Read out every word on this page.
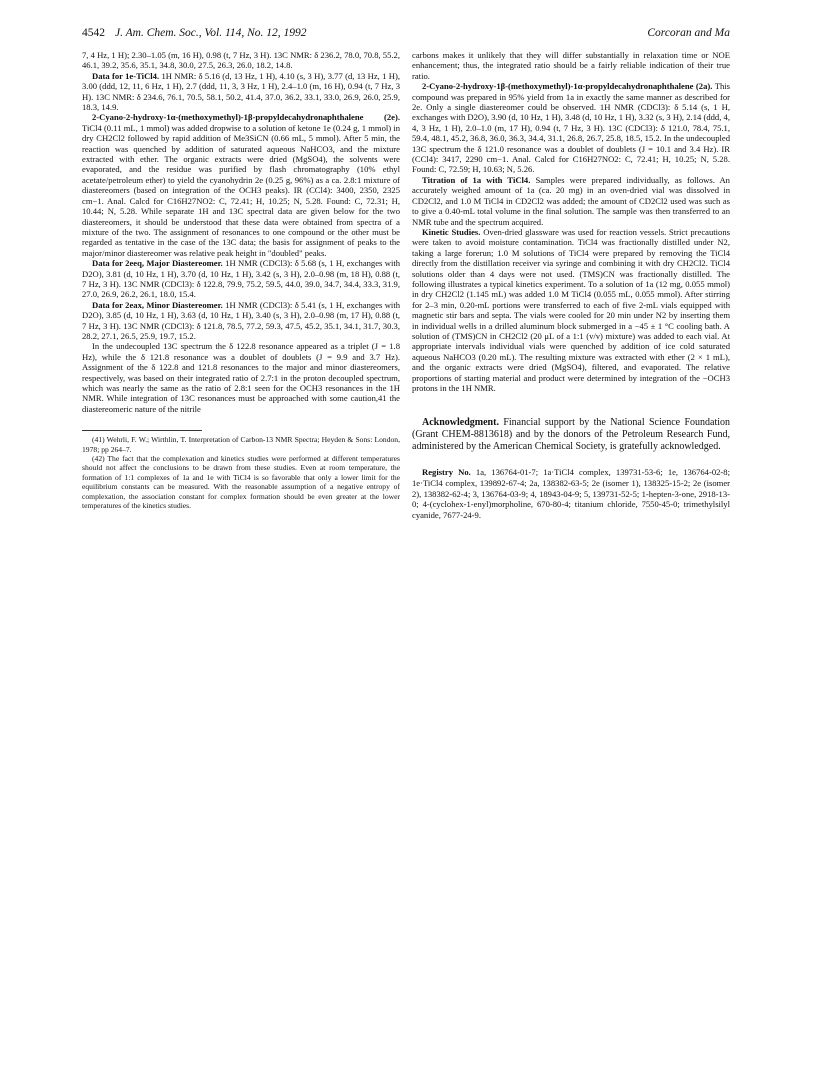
4542 J. Am. Chem. Soc., Vol. 114, No. 12, 1992	Corcoran and Ma

7, 4 Hz, 1 H); 2.30–1.05 (m, 16 H), 0.98 (t, 7 Hz, 3 H). 13C NMR: δ 236.2, 78.0, 70.8, 55.2, 46.1, 39.2, 35.6, 35.1, 34.8, 30.0, 27.5, 26.3, 26.0, 18.2, 14.8.

Data for 1e-TiCl4. 1H NMR: δ 5.16 (d, 13 Hz, 1 H), 4.10 (s, 3 H), 3.77 (d, 13 Hz, 1 H), 3.00 (ddd, 12, 11, 6 Hz, 1 H), 2.7 (ddd, 11, 3, 3 Hz, 1 H), 2.4–1.0 (m, 16 H), 0.94 (t, 7 Hz, 3 H). 13C NMR: δ 234.6, 76.1, 70.5, 58.1, 50.2, 41.4, 37.0, 36.2, 33.1, 33.0, 26.9, 26.0, 25.9, 18.3, 14.9.

2-Cyano-2-hydroxy-1α-(methoxymethyl)-1β-propyldecahydronaphthalene (2e). TiCl4 (0.11 mL, 1 mmol) was added dropwise to a solution of ketone 1e (0.24 g, 1 mmol) in dry CH2Cl2 followed by rapid addition of Me3SiCN (0.66 mL, 5 mmol). After 5 min, the reaction was quenched by addition of saturated aqueous NaHCO3, and the mixture extracted with ether. The organic extracts were dried (MgSO4), the solvents were evaporated, and the residue was purified by flash chromatography (10% ethyl acetate/petroleum ether) to yield the cyanohydrin 2e (0.25 g, 96%) as a ca. 2.8:1 mixture of diastereomers (based on integration of the OCH3 peaks). IR (CCl4): 3400, 2350, 2325 cm−1. Anal. Calcd for C16H27NO2: C, 72.41; H, 10.25; N, 5.28. Found: C, 72.31; H, 10.44; N, 5.28. While separate 1H and 13C spectral data are given below for the two diastereomers, it should be understood that these data were obtained from spectra of a mixture of the two. The assignment of resonances to one compound or the other must be regarded as tentative in the case of the 13C data; the basis for assignment of peaks to the major/minor diastereomer was relative peak height in "doubled" peaks.

Data for 2eeq, Major Diastereomer. 1H NMR (CDCl3): δ 5.68 (s, 1 H, exchanges with D2O), 3.81 (d, 10 Hz, 1 H), 3.70 (d, 10 Hz, 1 H), 3.42 (s, 3 H), 2.0–0.98 (m, 18 H), 0.88 (t, 7 Hz, 3 H). 13C NMR (CDCl3): δ 122.8, 79.9, 75.2, 59.5, 44.0, 39.0, 34.7, 34.4, 33.3, 31.9, 27.0, 26.9, 26.2, 26.1, 18.0, 15.4.

Data for 2eax, Minor Diastereomer. 1H NMR (CDCl3): δ 5.41 (s, 1 H, exchanges with D2O), 3.85 (d, 10 Hz, 1 H), 3.63 (d, 10 Hz, 1 H), 3.40 (s, 3 H), 2.0–0.98 (m, 17 H), 0.88 (t, 7 Hz, 3 H). 13C NMR (CDCl3): δ 121.8, 78.5, 77.2, 59.3, 47.5, 45.2, 35.1, 34.1, 31.7, 30.3, 28.2, 27.1, 26.5, 25.9, 19.7, 15.2.

In the undecoupled 13C spectrum the δ 122.8 resonance appeared as a triplet (J = 1.8 Hz), while the δ 121.8 resonance was a doublet of doublets (J = 9.9 and 3.7 Hz). Assignment of the δ 122.8 and 121.8 resonances to the major and minor diastereomers, respectively, was based on their integrated ratio of 2.7:1 in the proton decoupled spectrum, which was nearly the same as the ratio of 2.8:1 seen for the OCH3 resonances in the 1H NMR. While integration of 13C resonances must be approached with some caution,41 the diastereomeric nature of the nitrile

(41) Wehrli, F. W.; Wirthlin, T. Interpretation of Carbon-13 NMR Spectra; Heyden & Sons: London, 1978; pp 264–7.

(42) The fact that the complexation and kinetics studies were performed at different temperatures should not affect the conclusions to be drawn from these studies. Even at room temperature, the formation of 1:1 complexes of 1a and 1e with TiCl4 is so favorable that only a lower limit for the equilibrium constants can be measured. With the reasonable assumption of a negative entropy of complexation, the association constant for complex formation should be even greater at the lower temperatures of the kinetics studies.

carbons makes it unlikely that they will differ substantially in relaxation time or NOE enhancement; thus, the integrated ratio should be a fairly reliable indication of their true ratio.

2-Cyano-2-hydroxy-1β-(methoxymethyl)-1α-propyldecahydronaphthalene (2a). This compound was prepared in 95% yield from 1a in exactly the same manner as described for 2e. Only a single diastereomer could be observed. 1H NMR (CDCl3): δ 5.14 (s, 1 H, exchanges with D2O), 3.90 (d, 10 Hz, 1 H), 3.48 (d, 10 Hz, 1 H), 3.32 (s, 3 H), 2.14 (ddd, 4, 4, 3 Hz, 1 H), 2.0–1.0 (m, 17 H), 0.94 (t, 7 Hz, 3 H). 13C (CDCl3): δ 121.0, 78.4, 75.1, 59.4, 48.1, 45.2, 36.8, 36.0, 36.3, 34.4, 31.1, 26.8, 26.7, 25.8, 18.5, 15.2. In the undecoupled 13C spectrum the δ 121.0 resonance was a doublet of doublets (J = 10.1 and 3.4 Hz). IR (CCl4): 3417, 2290 cm−1. Anal. Calcd for C16H27NO2: C, 72.41; H, 10.25; N, 5.28. Found: C, 72.59; H, 10.63; N, 5.26.

Titration of 1a with TiCl4. Samples were prepared individually, as follows. An accurately weighed amount of 1a (ca. 20 mg) in an oven-dried vial was dissolved in CD2Cl2, and 1.0 M TiCl4 in CD2Cl2 was added; the amount of CD2Cl2 used was such as to give a 0.40-mL total volume in the final solution. The sample was then transferred to an NMR tube and the spectrum acquired.

Kinetic Studies. Oven-dried glassware was used for reaction vessels. Strict precautions were taken to avoid moisture contamination. TiCl4 was fractionally distilled under N2, taking a large forerun; 1.0 M solutions of TiCl4 were prepared by removing the TiCl4 directly from the distillation receiver via syringe and combining it with dry CH2Cl2. TiCl4 solutions older than 4 days were not used. (TMS)CN was fractionally distilled. The following illustrates a typical kinetics experiment. To a solution of 1a (12 mg, 0.055 mmol) in dry CH2Cl2 (1.145 mL) was added 1.0 M TiCl4 (0.055 mL, 0.055 mmol). After stirring for 2–3 min, 0.20-mL portions were transferred to each of five 2-mL vials equipped with magnetic stir bars and septa. The vials were cooled for 20 min under N2 by inserting them in individual wells in a drilled aluminum block submerged in a −45 ± 1 °C cooling bath. A solution of (TMS)CN in CH2Cl2 (20 μL of a 1:1 (v/v) mixture) was added to each vial. At appropriate intervals individual vials were quenched by addition of ice cold saturated aqueous NaHCO3 (0.20 mL). The resulting mixture was extracted with ether (2 × 1 mL), and the organic extracts were dried (MgSO4), filtered, and evaporated. The relative proportions of starting material and product were determined by integration of the −OCH3 protons in the 1H NMR.

Acknowledgment. Financial support by the National Science Foundation (Grant CHEM-8813618) and by the donors of the Petroleum Research Fund, administered by the American Chemical Society, is gratefully acknowledged.

Registry No. 1a, 136764-01-7; 1a·TiCl4 complex, 139731-53-6; 1e, 136764-02-8; 1e·TiCl4 complex, 139892-67-4; 2a, 138382-63-5; 2e (isomer 1), 138325-15-2; 2e (isomer 2), 138382-62-4; 3, 136764-03-9; 4, 18943-04-9; 5, 139731-52-5; 1-hepten-3-one, 2918-13-0; 4-(cyclohex-1-enyl)morpholine, 670-80-4; titanium chloride, 7550-45-0; trimethylsilyl cyanide, 7677-24-9.
